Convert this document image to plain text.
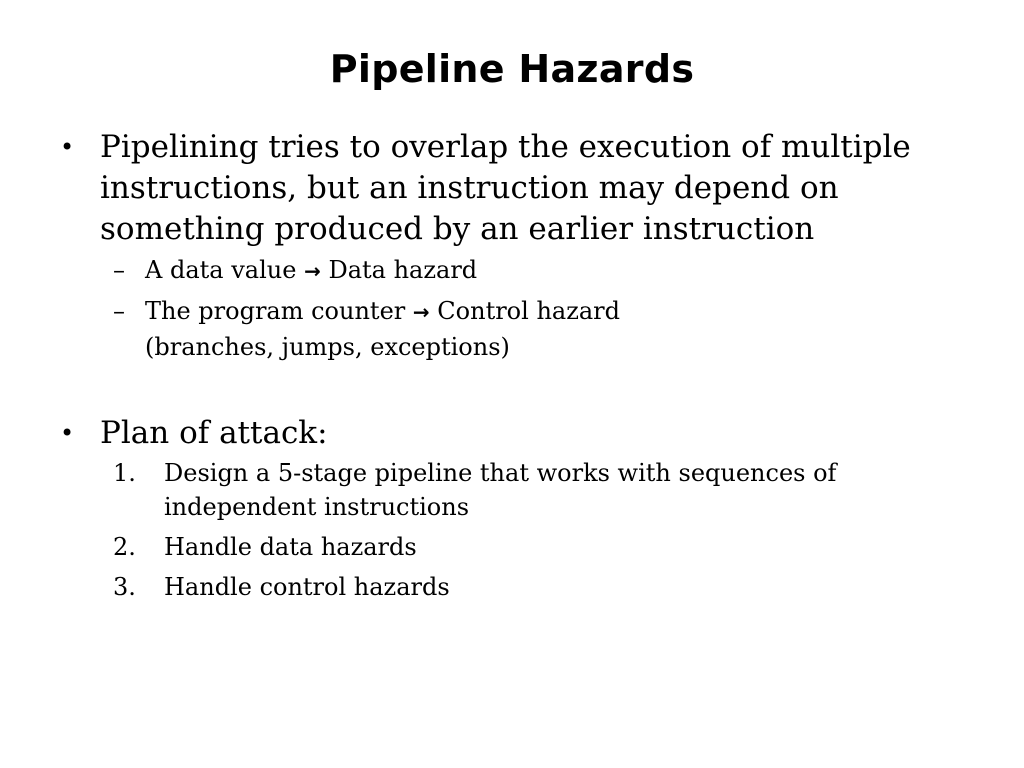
Pipeline Hazards
• Pipelining tries to overlap the execution of multiple instructions, but an instruction may depend on something produced by an earlier instruction
– A data value → Data hazard
– The program counter → Control hazard
(branches, jumps, exceptions)
• Plan of attack:
1. Design a 5-stage pipeline that works with sequences of independent instructions
2. Handle data hazards
3. Handle control hazards
